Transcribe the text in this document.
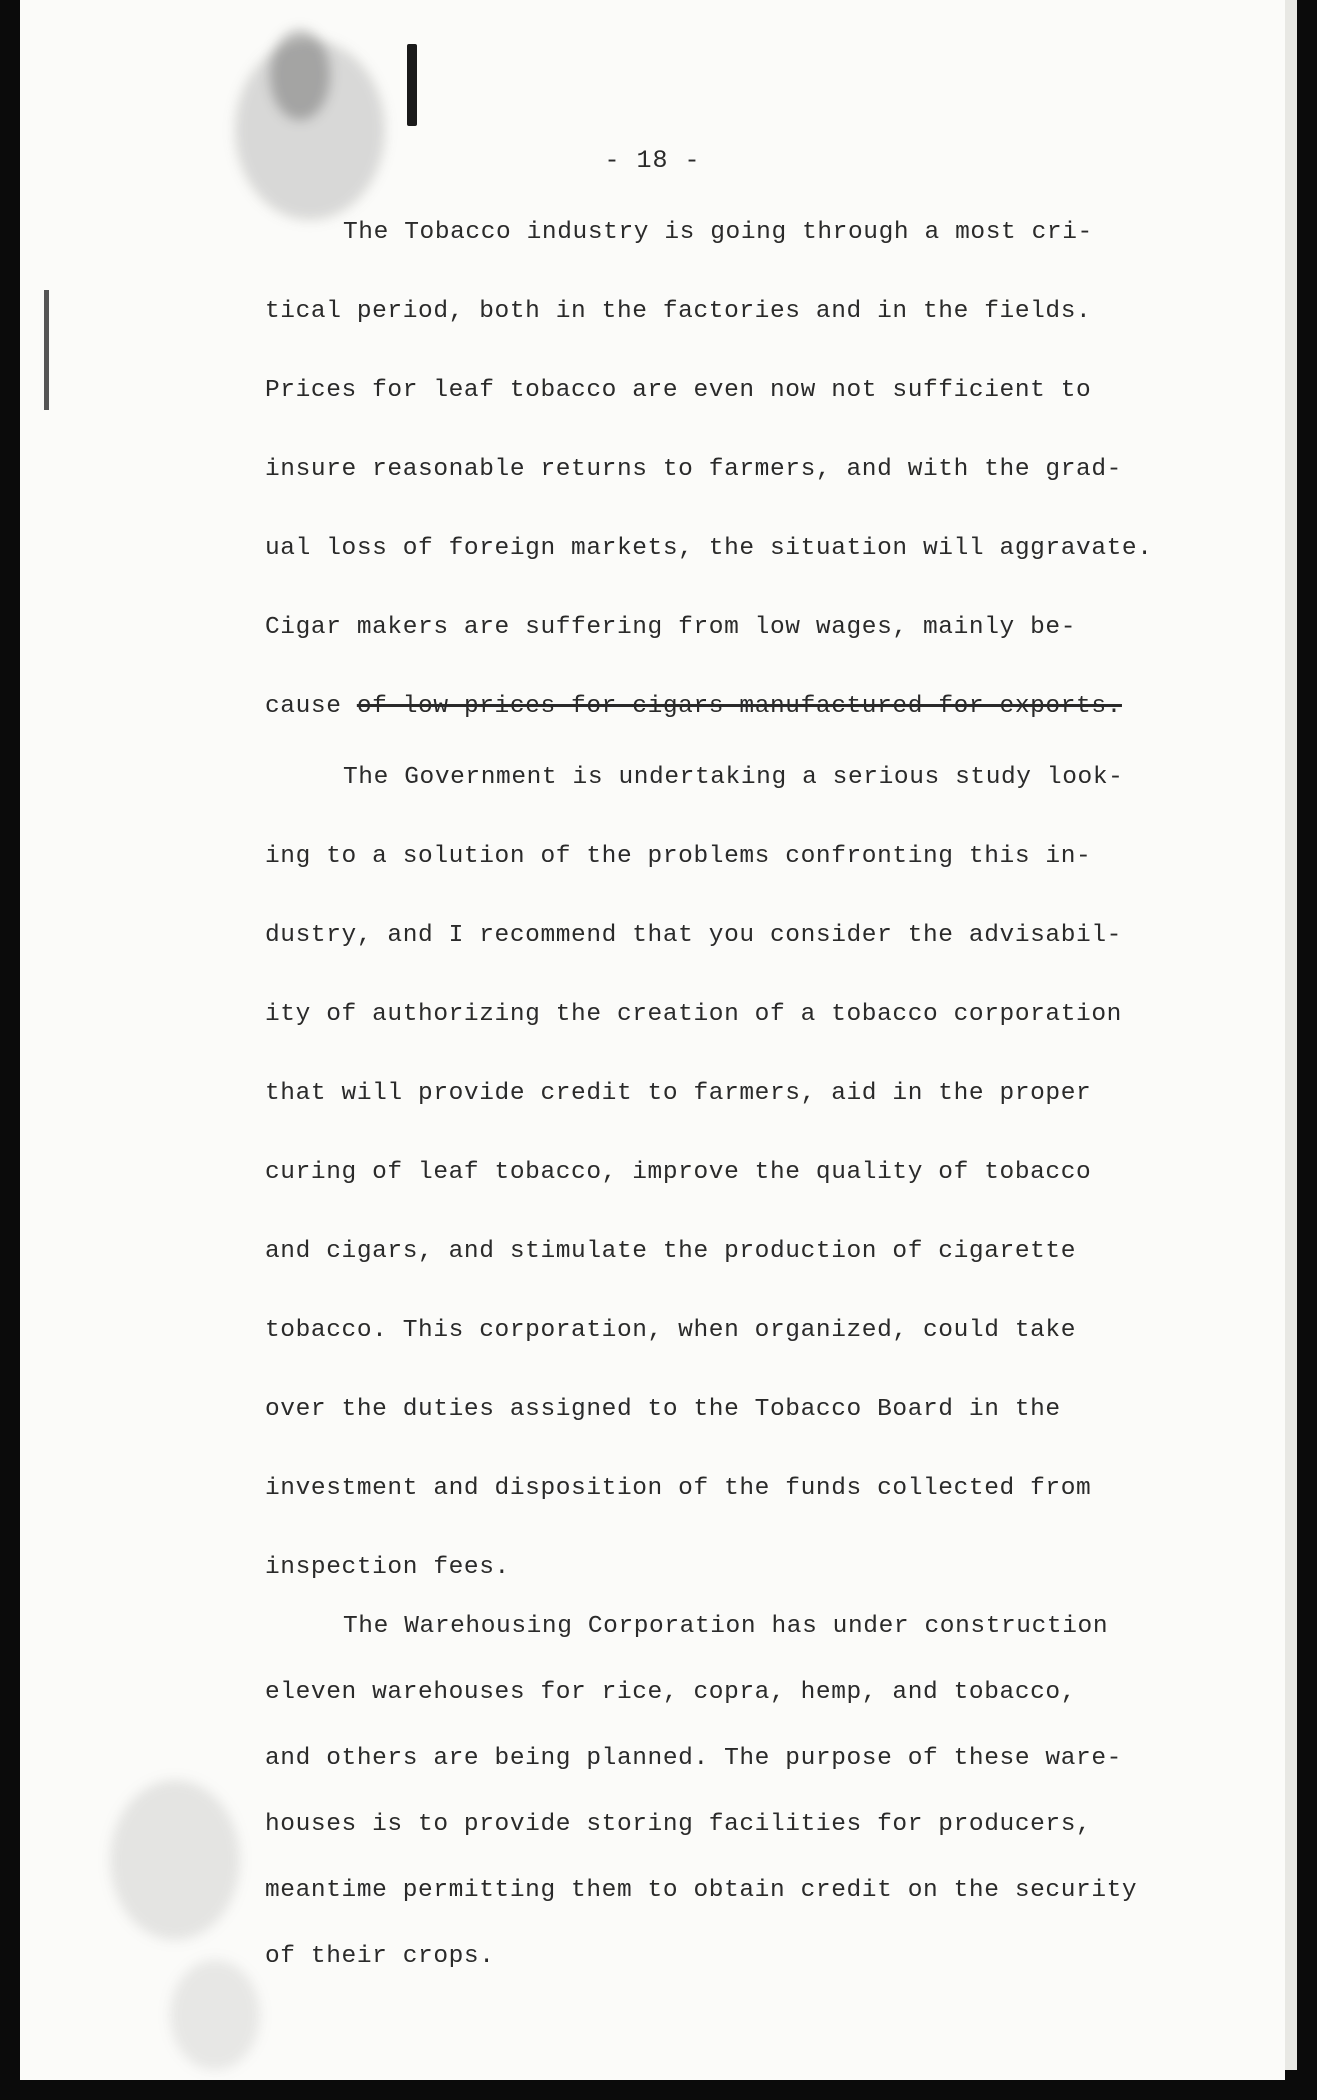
- 18 -
The Tobacco industry is going through a most cri-
tical period, both in the factories and in the fields.
Prices for leaf tobacco are even now not sufficient to
insure reasonable returns to farmers, and with the grad-
ual loss of foreign markets, the situation will aggravate.
Cigar makers are suffering from low wages, mainly be-
cause of low prices for cigars manufactured for exports.
The Government is undertaking a serious study look-
ing to a solution of the problems confronting this in-
dustry, and I recommend that you consider the advisabil-
ity of authorizing the creation of a tobacco corporation
that will provide credit to farmers, aid in the proper
curing of leaf tobacco, improve the quality of tobacco
and cigars, and stimulate the production of cigarette
tobacco. This corporation, when organized, could take
over the duties assigned to the Tobacco Board in the
investment and disposition of the funds collected from
inspection fees.
The Warehousing Corporation has under construction
eleven warehouses for rice, copra, hemp, and tobacco,
and others are being planned. The purpose of these ware-
houses is to provide storing facilities for producers,
meantime permitting them to obtain credit on the security
of their crops.
